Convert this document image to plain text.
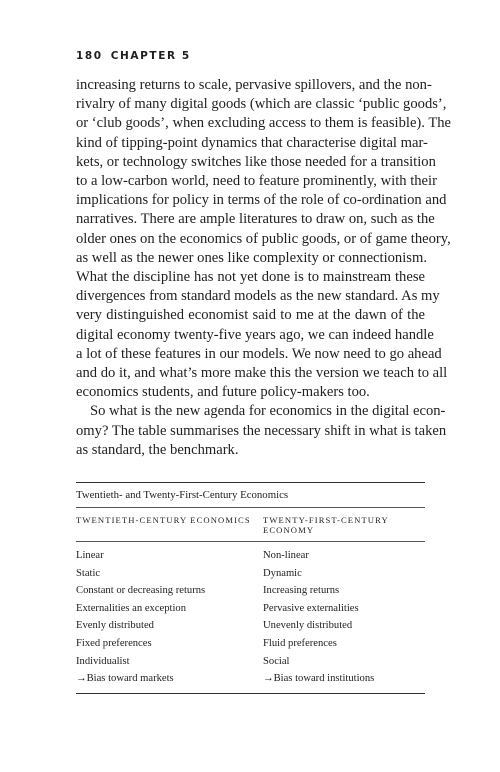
180 CHAPTER 5

increasing returns to scale, pervasive spillovers, and the non-
rivalry of many digital goods (which are classic ‘public goods’,
or ‘club goods’, when excluding access to them is feasible). The
kind of tipping-point dynamics that characterise digital mar-
kets, or technology switches like those needed for a transition
to a low-carbon world, need to feature prominently, with their
implications for policy in terms of the role of co-ordination and
narratives. There are ample literatures to draw on, such as the
older ones on the economics of public goods, or of game theory,
as well as the newer ones like complexity or connectionism.
What the discipline has not yet done is to mainstream these
divergences from standard models as the new standard. As my
very distinguished economist said to me at the dawn of the
digital economy twenty-five years ago, we can indeed handle
a lot of these features in our models. We now need to go ahead
and do it, and what’s more make this the version we teach to all
economics students, and future policy-makers too.

So what is the new agenda for economics in the digital econ-
omy? The table summarises the necessary shift in what is taken
as standard, the benchmark.

Twentieth- and Twenty-First-Century Economics
TWENTIETH-CENTURY ECONOMICS	TWENTY-FIRST-CENTURY ECONOMY
Linear	Non-linear
Static	Dynamic
Constant or decreasing returns	Increasing returns
Externalities an exception	Pervasive externalities
Evenly distributed	Unevenly distributed
Fixed preferences	Fluid preferences
Individualist	Social
→Bias toward markets	→Bias toward institutions
